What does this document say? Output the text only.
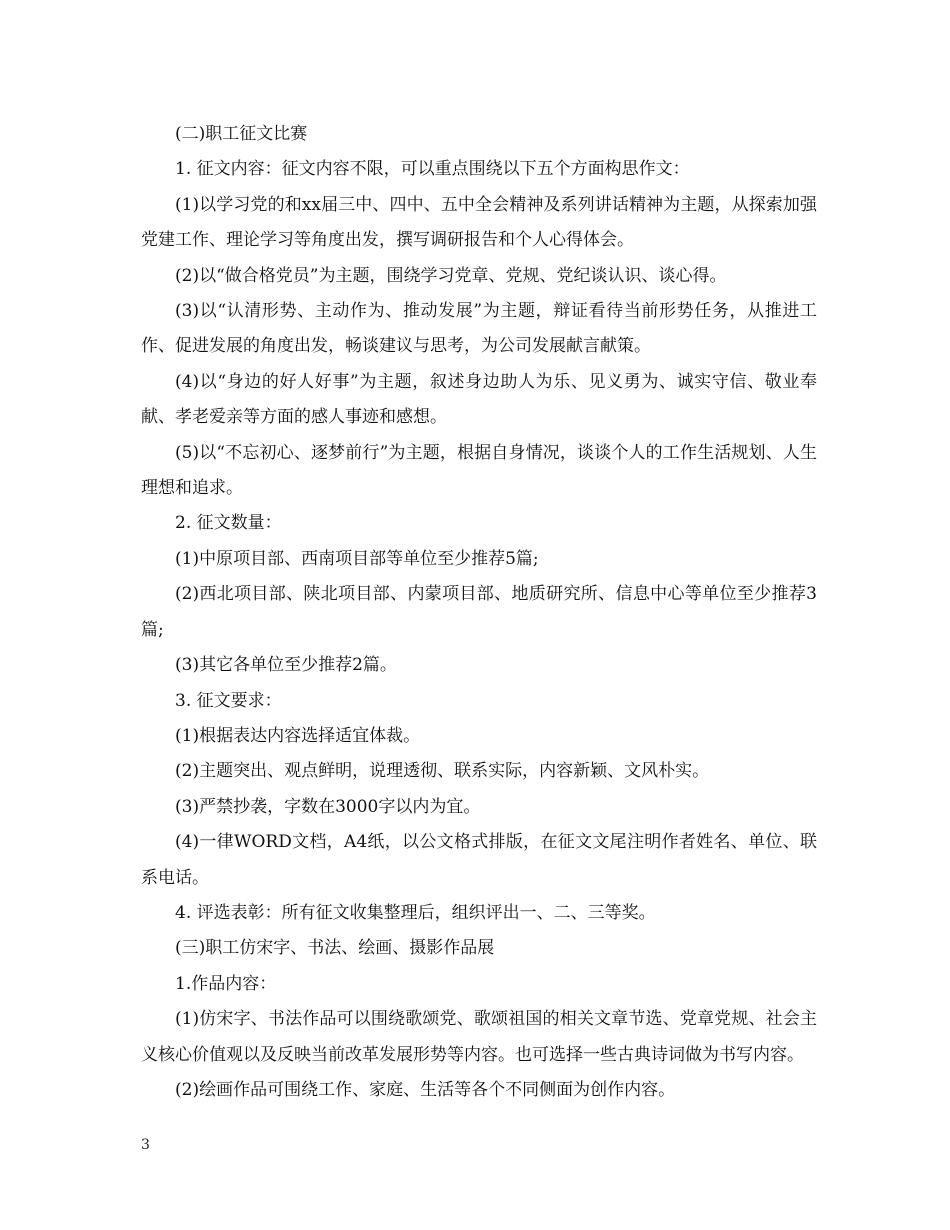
(二)职工征文比赛

1. 征文内容：征文内容不限，可以重点围绕以下五个方面构思作文：

(1)以学习党的和xx届三中、四中、五中全会精神及系列讲话精神为主题，从探索加强党建工作、理论学习等角度出发，撰写调研报告和个人心得体会。

(2)以“做合格党员”为主题，围绕学习党章、党规、党纪谈认识、谈心得。

(3)以“认清形势、主动作为、推动发展”为主题，辩证看待当前形势任务，从推进工作、促进发展的角度出发，畅谈建议与思考，为公司发展献言献策。

(4)以“身边的好人好事”为主题，叙述身边助人为乐、见义勇为、诚实守信、敬业奉献、孝老爱亲等方面的感人事迹和感想。

(5)以“不忘初心、逐梦前行”为主题，根据自身情况，谈谈个人的工作生活规划、人生理想和追求。

2. 征文数量：

(1)中原项目部、西南项目部等单位至少推荐5篇;

(2)西北项目部、陕北项目部、内蒙项目部、地质研究所、信息中心等单位至少推荐3篇;

(3)其它各单位至少推荐2篇。

3. 征文要求：

(1)根据表达内容选择适宜体裁。

(2)主题突出、观点鲜明，说理透彻、联系实际，内容新颖、文风朴实。

(3)严禁抄袭，字数在3000字以内为宜。

(4)一律WORD文档，A4纸，以公文格式排版，在征文文尾注明作者姓名、单位、联系电话。

4. 评选表彰：所有征文收集整理后，组织评出一、二、三等奖。

(三)职工仿宋字、书法、绘画、摄影作品展

1.作品内容：

(1)仿宋字、书法作品可以围绕歌颂党、歌颂祖国的相关文章节选、党章党规、社会主义核心价值观以及反映当前改革发展形势等内容。也可选择一些古典诗词做为书写内容。

(2)绘画作品可围绕工作、家庭、生活等各个不同侧面为创作内容。

3
